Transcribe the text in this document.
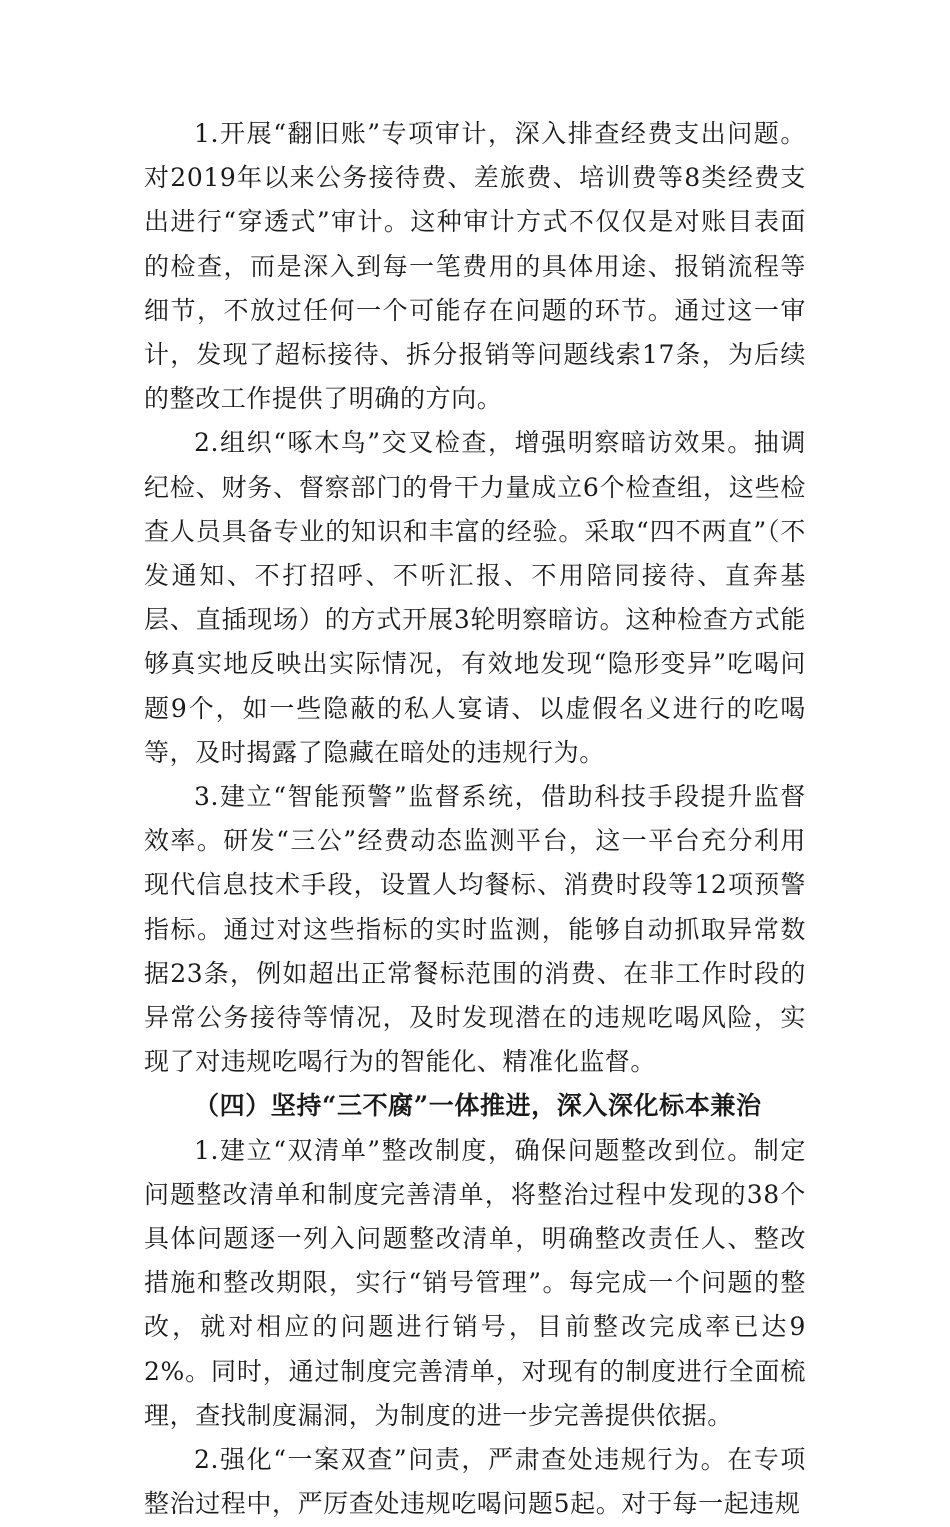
1.开展“翻旧账”专项审计，深入排查经费支出问题。对2019年以来公务接待费、差旅费、培训费等8类经费支出进行“穿透式”审计。这种审计方式不仅仅是对账目表面的检查，而是深入到每一笔费用的具体用途、报销流程等细节，不放过任何一个可能存在问题的环节。通过这一审计，发现了超标接待、拆分报销等问题线索17条，为后续的整改工作提供了明确的方向。

2.组织“啄木鸟”交叉检查，增强明察暗访效果。抽调纪检、财务、督察部门的骨干力量成立6个检查组，这些检查人员具备专业的知识和丰富的经验。采取“四不两直”（不发通知、不打招呼、不听汇报、不用陪同接待、直奔基层、直插现场）的方式开展3轮明察暗访。这种检查方式能够真实地反映出实际情况，有效地发现“隐形变异”吃喝问题9个，如一些隐蔽的私人宴请、以虚假名义进行的吃喝等，及时揭露了隐藏在暗处的违规行为。

3.建立“智能预警”监督系统，借助科技手段提升监督效率。研发“三公”经费动态监测平台，这一平台充分利用现代信息技术手段，设置人均餐标、消费时段等12项预警指标。通过对这些指标的实时监测，能够自动抓取异常数据23条，例如超出正常餐标范围的消费、在非工作时段的异常公务接待等情况，及时发现潜在的违规吃喝风险，实现了对违规吃喝行为的智能化、精准化监督。

（四）坚持“三不腐”一体推进，深入深化标本兼治

1.建立“双清单”整改制度，确保问题整改到位。制定问题整改清单和制度完善清单，将整治过程中发现的38个具体问题逐一列入问题整改清单，明确整改责任人、整改措施和整改期限，实行“销号管理”。每完成一个问题的整改，就对相应的问题进行销号，目前整改完成率已达92%。同时，通过制度完善清单，对现有的制度进行全面梳理，查找制度漏洞，为制度的进一步完善提供依据。

2.强化“一案双查”问责，严肃查处违规行为。在专项整治过程中，严厉查处违规吃喝问题5起。对于每一起违规
